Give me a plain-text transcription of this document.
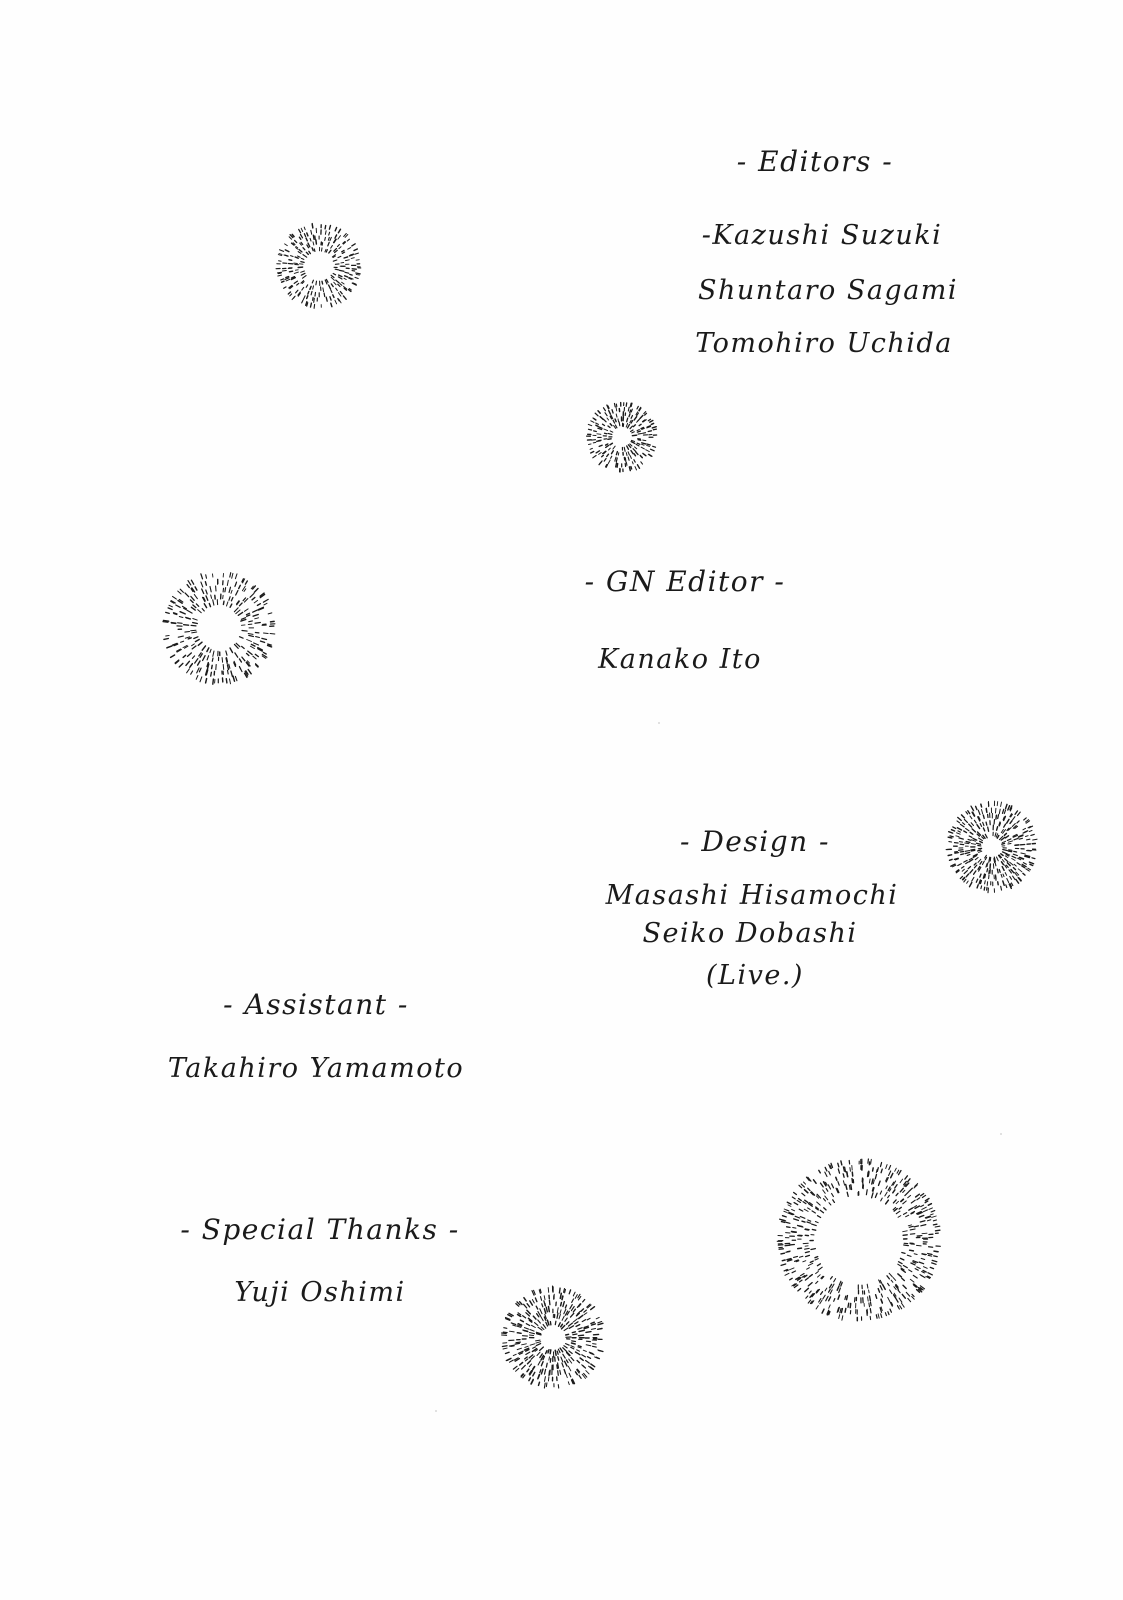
- Editors -
-Kazushi Suzuki
Shuntaro Sagami
Tomohiro Uchida
- GN Editor -
Kanako Ito
- Design -
Masashi Hisamochi
Seiko Dobashi
(Live.)
- Assistant -
Takahiro Yamamoto
- Special Thanks -
Yuji Oshimi
